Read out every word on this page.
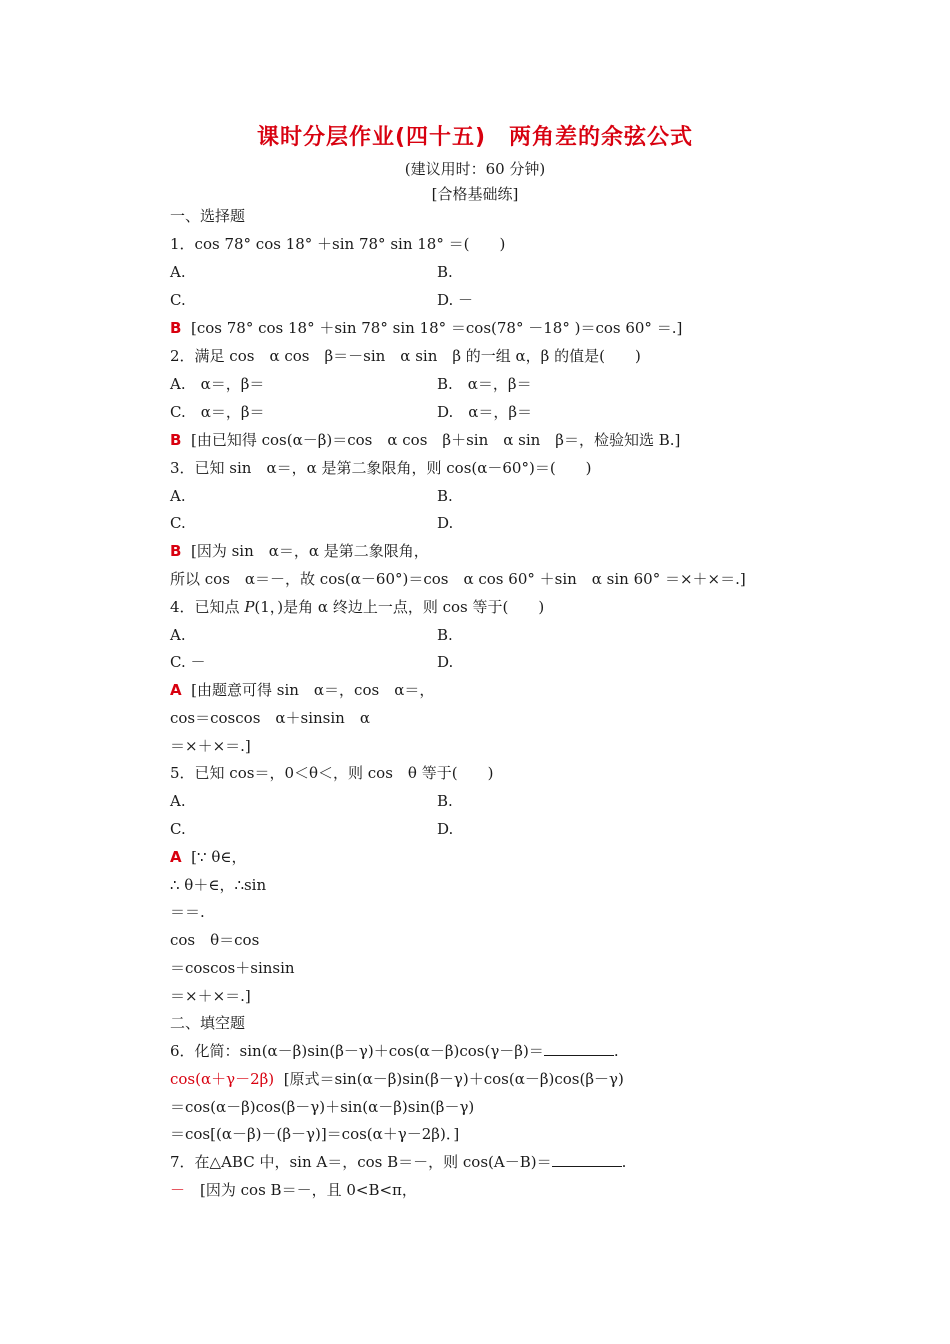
课时分层作业(四十五)　两角差的余弦公式
(建议用时：60 分钟)
[合格基础练]
一、选择题
1．cos 78° cos 18° ＋sin 78° sin 18° ＝(　　)
A.	B.
C.	D. －
B [cos 78° cos 18° ＋sin 78° sin 18° ＝cos(78° －18° )＝cos 60° ＝.]
2．满足 cos　α cos　β＝－sin　α sin　β 的一组 α，β 的值是(　　)
A.　α＝，β＝	B.　α＝，β＝
C.　α＝，β＝	D.　α＝，β＝
B [由已知得 cos(α－β)＝cos　α cos　β＋sin　α sin　β＝，检验知选 B.]
3．已知 sin　α＝，α 是第二象限角，则 cos(α－60°)＝(　　)
A.	B.
C.	D.
B [因为 sin　α＝，α 是第二象限角，
所以 cos　α＝－，故 cos(α－60°)＝cos　α cos 60° ＋sin　α sin 60° ＝×＋×＝.]
4．已知点 P(1，)是角 α 终边上一点，则 cos 等于(　　)
A.	B.
C. －	D.
A [由题意可得 sin　α＝，cos　α＝，
cos＝coscos　α＋sinsin　α
＝×＋×＝.]
5．已知 cos＝，0＜θ＜，则 cos　θ 等于(　　)
A.	B.
C.	D.
A [∵ θ∈，
∴ θ＋∈，∴sin
＝＝.
cos　θ＝cos
＝coscos＋sinsin
＝×＋×＝.]
二、填空题
6．化简：sin(α－β)sin(β－γ)＋cos(α－β)cos(γ－β)＝	.
cos(α＋γ－2β) [原式＝sin(α－β)sin(β－γ)＋cos(α－β)cos(β－γ)
＝cos(α－β)cos(β－γ)＋sin(α－β)sin(β－γ)
＝cos[(α－β)－(β－γ)]＝cos(α＋γ－2β)．]
7．在△ABC 中，sin A＝，cos B＝－，则 cos(A－B)＝	.
－　 [因为 cos B＝－，且 0<B<π，
